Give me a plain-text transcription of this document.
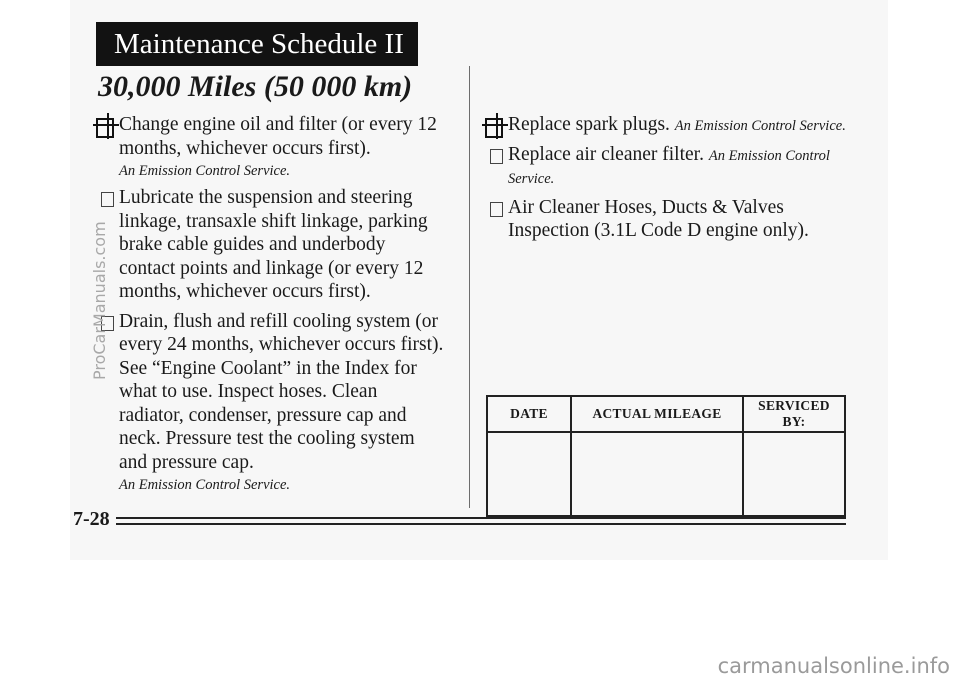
Maintenance Schedule II
30,000 Miles (50 000 km)
Change engine oil and filter (or every 12 months, whichever occurs first).
An Emission Control Service.
Lubricate the suspension and steering linkage, transaxle shift linkage, parking brake cable guides and underbody contact points and linkage (or every 12 months, whichever occurs first).
Drain, flush and refill cooling system (or every 24 months, whichever occurs first). See “Engine Coolant” in the Index for what to use. Inspect hoses. Clean radiator, condenser, pressure cap and neck. Pressure test the cooling system and pressure cap.
An Emission Control Service.
Replace spark plugs. An Emission Control Service.
Replace air cleaner filter. An Emission Control Service.
Air Cleaner Hoses, Ducts & Valves Inspection (3.1L Code D engine only).
DATE	ACTUAL MILEAGE	SERVICED BY:

7-28
ProCarManuals.com
carmanualsonline.info
